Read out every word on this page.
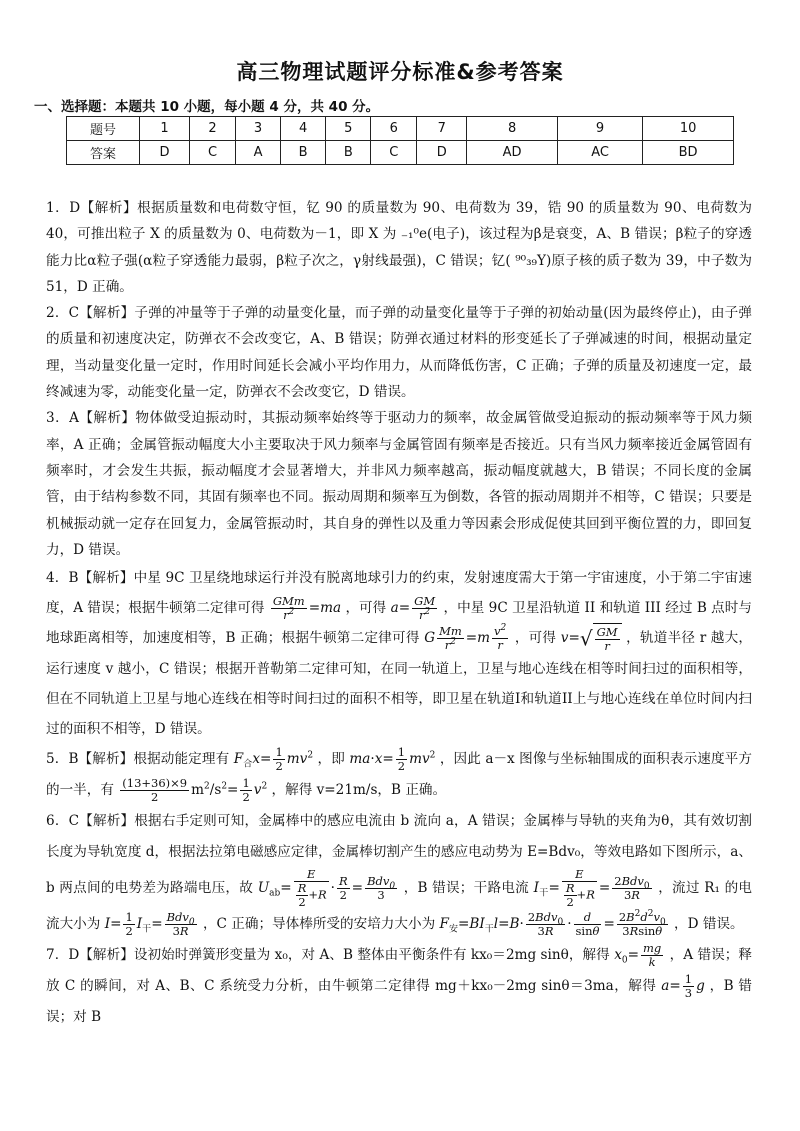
高三物理试题评分标准&参考答案
一、选择题：本题共 10 小题，每小题 4 分，共 40 分。
题号	1	2	3	4	5	6	7	8	9	10
答案	D	C	A	B	B	C	D	AD	AC	BD

1．D【解析】根据质量数和电荷数守恒，钇 90 的质量数为 90、电荷数为 39，锆 90 的质量数为 90、电荷数为 40，可推出粒子 X 的质量数为 0、电荷数为－1，即 X 为 ₋₁⁰e(电子)，该过程为β是衰变，A、B 错误；β粒子的穿透能力比α粒子强(α粒子穿透能力最弱，β粒子次之，γ射线最强)，C 错误；钇( ⁹⁰₃₉Y)原子核的质子数为 39，中子数为 51，D 正确。

2．C【解析】子弹的冲量等于子弹的动量变化量，而子弹的动量变化量等于子弹的初始动量(因为最终停止)，由子弹的质量和初速度决定，防弹衣不会改变它，A、B 错误；防弹衣通过材料的形变延长了子弹减速的时间，根据动量定理，当动量变化量一定时，作用时间延长会减小平均作用力，从而降低伤害，C 正确；子弹的质量及初速度一定，最终减速为零，动能变化量一定，防弹衣不会改变它，D 错误。

3．A【解析】物体做受迫振动时，其振动频率始终等于驱动力的频率，故金属管做受迫振动的振动频率等于风力频率，A 正确；金属管振动幅度大小主要取决于风力频率与金属管固有频率是否接近。只有当风力频率接近金属管固有频率时，才会发生共振，振动幅度才会显著增大，并非风力频率越高，振动幅度就越大，B 错误；不同长度的金属管，由于结构参数不同，其固有频率也不同。振动周期和频率互为倒数，各管的振动周期并不相等，C 错误；只要是机械振动就一定存在回复力，金属管振动时，其自身的弹性以及重力等因素会形成促使其回到平衡位置的力，即回复力，D 错误。

4．B【解析】中星 9C 卫星绕地球运行并没有脱离地球引力的约束，发射速度需大于第一宇宙速度，小于第二宇宙速度，A 错误；根据牛顿第二定律可得 $\frac{\text{GMm}}{r^2} =ma$ ，可得 $a= \frac{GM}{r^2}$ ，中星 9C 卫星沿轨道 II 和轨道 III 经过 B 点时与地球距离相等，加速度相等，B 正确；根据牛顿第二定律可得 G $\frac{Mm}{r^2} =m \frac{v^2}{r}$ ，可得 $v=√ \frac{GM}{r}$ ，轨道半径 r 越大，运行速度 v 越小，C 错误；根据开普勒第二定律可知，在同一轨道上，卫星与地心连线在相等时间扫过的面积相等，但在不同轨道上卫星与地心连线在相等时间扫过的面积不相等，即卫星在轨道I和轨道II上与地心连线在单位时间内扫过的面积不相等，D 错误。

5．B【解析】根据动能定理有 $F_合x= \frac{1}{2} mv^2$ ，即 $ma\cdot x= \frac{1}{2} mv^2$ ，因此 a－x 图像与坐标轴围成的面积表示速度平方的一半，有 $\frac{(13+36)\times 9}{2} m^2/s^2= \frac{1}{2} v^2$ ，解得 v=21m/s，B 正确。

6．C【解析】根据右手定则可知，金属棒中的感应电流由 b 流向 a，A 错误；金属棒与导轨的夹角为θ，其有效切割长度为导轨宽度 d，根据法拉第电磁感应定律，金属棒切割产生的感应电动势为 E=Bdv₀，等效电路如下图所示，a、b 两点间的电势差为路端电压，故 $U_{ab}= \frac{E}{\frac{R}{2} +R} \cdot \frac{R}{2} = \frac{Bdv_0}{3}$ ，B 错误；干路电流 $I_干= \frac{E}{\frac{R}{2} +R} = \frac{2Bdv_0}{3R}$ ，流过 R₁ 的电流大小为 $I= \frac{1}{2} I_干= \frac{Bdv_0}{3R}$ ，C 正确；导体棒所受的安培力大小为 $F_安=BI_干l=B\cdot \frac{2Bdv_0}{3R} \cdot \frac{d}{\sin\theta} = \frac{2B^2d^2v_0}{3Rsin\theta}$ ，D 错误。

7．D【解析】设初始时弹簧形变量为 x₀，对 A、B 整体由平衡条件有 kx₀＝2mg sinθ，解得 $x_0= \frac{mg}{k}$ ，A 错误；释放 C 的瞬间，对 A、B、C 系统受力分析，由牛顿第二定律得 mg＋kx₀－2mg sinθ＝3ma，解得 $a= \frac{1}{3}$ g ，B 错误；对 B
